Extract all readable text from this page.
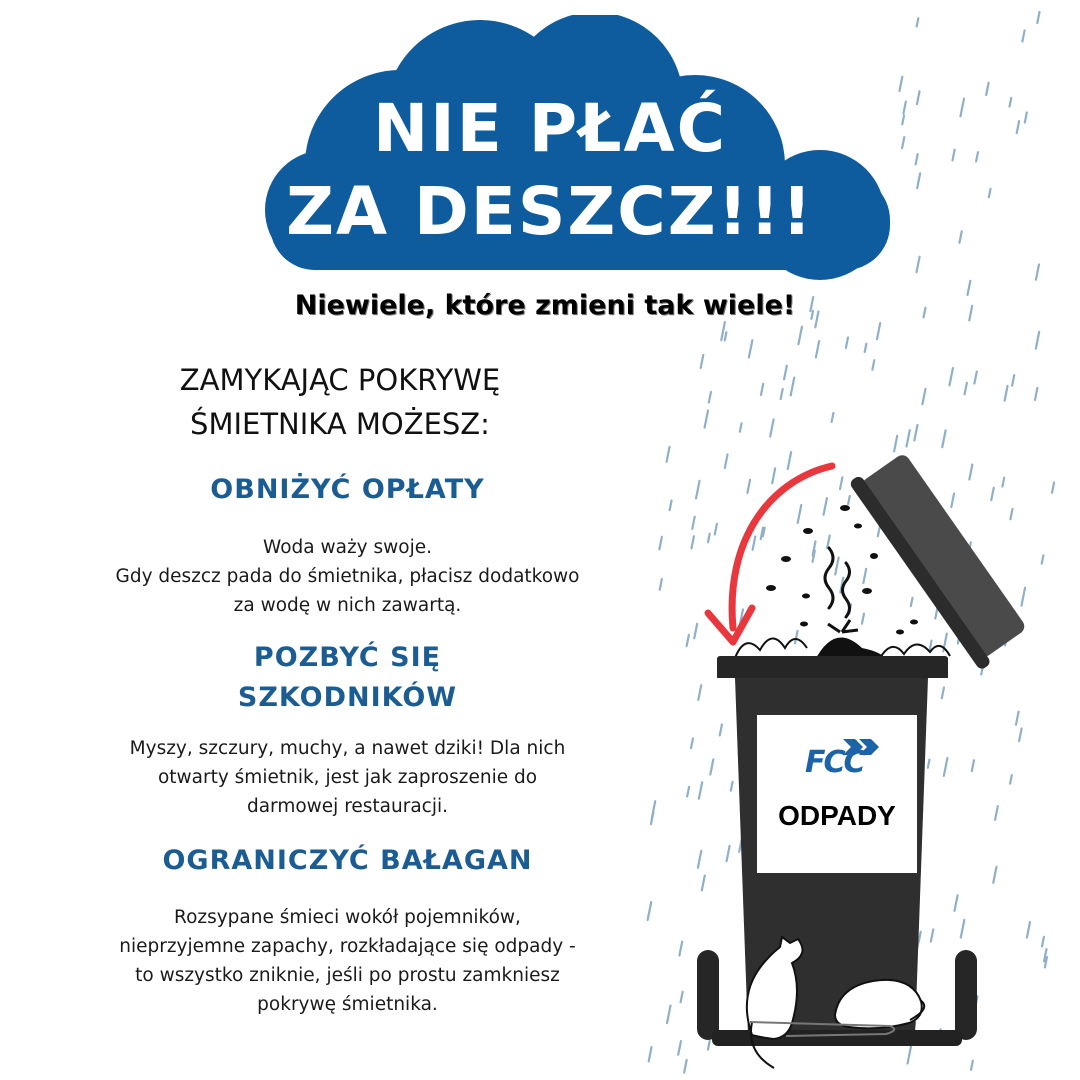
NIE PŁAĆ
ZA DESZCZ!!!
Niewiele, które zmieni tak wiele!
ZAMYKAJĄC POKRYWĘ
ŚMIETNIKA MOŻESZ:
OBNIŻYĆ OPŁATY
Woda waży swoje.
Gdy deszcz pada do śmietnika, płacisz dodatkowo
za wodę w nich zawartą.
POZBYĆ SIĘ
SZKODNIKÓW
Myszy, szczury, muchy, a nawet dziki! Dla nich
otwarty śmietnik, jest jak zaproszenie do
darmowej restauracji.
OGRANICZYĆ BAŁAGAN
Rozsypane śmieci wokół pojemników,
nieprzyjemne zapachy, rozkładające się odpady -
to wszystko zniknie, jeśli po prostu zamkniesz
pokrywę śmietnika.
FCC
ODPADY
